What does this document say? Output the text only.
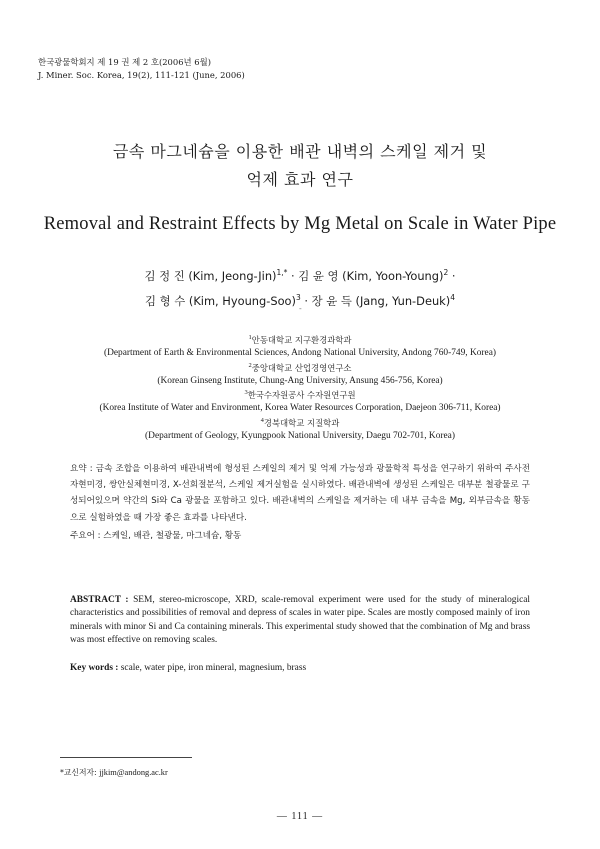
한국광물학회지 제 19 권 제 2 호(2006년 6월)
J. Miner. Soc. Korea, 19(2), 111-121 (June, 2006)
금속 마그네슘을 이용한 배관 내벽의 스케일 제거 및
억제 효과 연구
Removal and Restraint Effects by Mg Metal on Scale in Water Pipe
김 정 진 (Kim, Jeong-Jin)$^{1,*}$ · 김 윤 영 (Kim, Yoon-Young)$^2$ ·
김 형 수 (Kim, Hyoung-Soo)$^3$ · 장 윤 득 (Jang, Yun-Deuk)$^4$
-
$^1$안동대학교 지구환경과학과
(Department of Earth & Environmental Sciences, Andong National University, Andong 760-749, Korea)
$^2$중앙대학교 산업경영연구소
(Korean Ginseng Institute, Chung-Ang University, Ansung 456-756, Korea)
$^3$한국수자원공사 수자원연구원
(Korea Institute of Water and Environment, Korea Water Resources Corporation, Daejeon 306-711, Korea)
$^4$경북대학교 지질학과
(Department of Geology, Kyungpook National University, Daegu 702-701, Korea)
요약 : 금속 조합을 이용하여 배관내벽에 형성된 스케일의 제거 및 억제 가능성과 광물학적 특성을 연구하기 위하여 주사전자현미경, 쌍안실체현미경, X-선회절분석, 스케일 제거실험을 실시하였다. 배관내벽에 생성된 스케일은 대부분 철광물로 구성되어있으며 약간의 Si와 Ca 광물을 포함하고 있다. 배관내벽의 스케일을 제거하는 데 내부 금속을 Mg, 외부금속을 황동으로 실험하였을 때 가장 좋은 효과를 나타낸다.
주요어 : 스케일, 배관, 철광물, 마그네슘, 황동
ABSTRACT : SEM, stereo-microscope, XRD, scale-removal experiment were used for the study of mineralogical characteristics and possibilities of removal and depress of scales in water pipe. Scales are mostly composed mainly of iron minerals with minor Si and Ca containing minerals. This experimental study showed that the combination of Mg and brass was most effective on removing scales.
Key words : scale, water pipe, iron mineral, magnesium, brass
*교신저자: jjkim@andong.ac.kr
— 111 —
